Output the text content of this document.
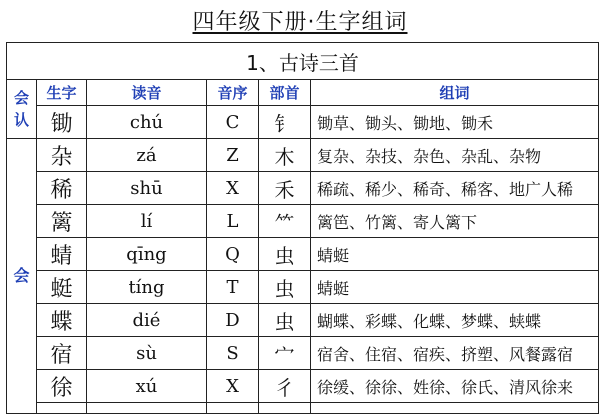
四年级下册·生字组词
1、古诗三首					

会认	生字	读音	音序	部首	组词
	锄	chú	C	钅	锄草、锄头、锄地、锄禾
会	杂	zá	Z	木	复杂、杂技、杂色、杂乱、杂物
	稀	shū	X	禾	稀疏、稀少、稀奇、稀客、地广人稀
	篱	lí	L	⺮	篱笆、竹篱、寄人篱下
	蜻	qīng	Q	虫	蜻蜓
	蜓	tíng	T	虫	蜻蜓
	蝶	dié	D	虫	蝴蝶、彩蝶、化蝶、梦蝶、蛱蝶
	宿	sù	S	宀	宿舍、住宿、宿疾、挤塑、风餐露宿
	徐	xú	X	彳	徐缓、徐徐、姓徐、徐氏、清风徐来
